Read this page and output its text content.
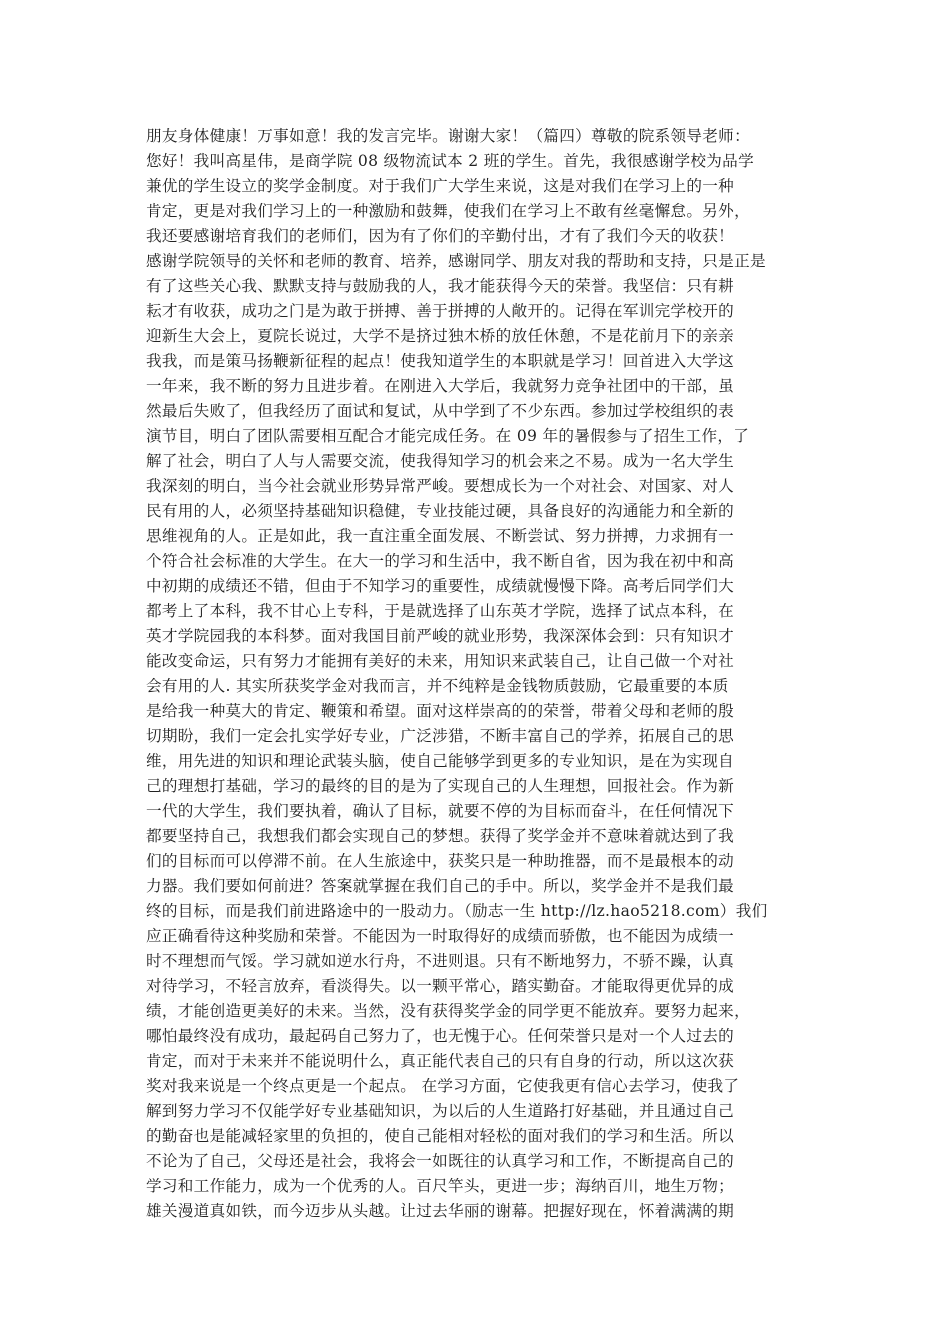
朋友身体健康！万事如意！我的发言完毕。谢谢大家！（篇四）尊敬的院系领导老师：
您好！我叫高星伟，是商学院 08 级物流试本 2 班的学生。首先，我很感谢学校为品学
兼优的学生设立的奖学金制度。对于我们广大学生来说，这是对我们在学习上的一种
肯定，更是对我们学习上的一种激励和鼓舞，使我们在学习上不敢有丝毫懈怠。另外，
我还要感谢培育我们的老师们，因为有了你们的辛勤付出，才有了我们今天的收获！
感谢学院领导的关怀和老师的教育、培养，感谢同学、朋友对我的帮助和支持，只是正是
有了这些关心我、默默支持与鼓励我的人，我才能获得今天的荣誉。我坚信：只有耕
耘才有收获，成功之门是为敢于拼搏、善于拼搏的人敞开的。记得在军训完学校开的
迎新生大会上，夏院长说过，大学不是挤过独木桥的放任休憩，不是花前月下的亲亲
我我，而是策马扬鞭新征程的起点！使我知道学生的本职就是学习！回首进入大学这
一年来，我不断的努力且进步着。在刚进入大学后，我就努力竞争社团中的干部，虽
然最后失败了，但我经历了面试和复试，从中学到了不少东西。参加过学校组织的表
演节目，明白了团队需要相互配合才能完成任务。在 09 年的暑假参与了招生工作，了
解了社会，明白了人与人需要交流，使我得知学习的机会来之不易。成为一名大学生
我深刻的明白，当今社会就业形势异常严峻。要想成长为一个对社会、对国家、对人
民有用的人，必须坚持基础知识稳健，专业技能过硬，具备良好的沟通能力和全新的
思维视角的人。正是如此，我一直注重全面发展、不断尝试、努力拼搏，力求拥有一
个符合社会标准的大学生。在大一的学习和生活中，我不断自省，因为我在初中和高
中初期的成绩还不错，但由于不知学习的重要性，成绩就慢慢下降。高考后同学们大
都考上了本科，我不甘心上专科，于是就选择了山东英才学院，选择了试点本科，在
英才学院园我的本科梦。面对我国目前严峻的就业形势，我深深体会到：只有知识才
能改变命运，只有努力才能拥有美好的未来，用知识来武装自己，让自己做一个对社
会有用的人. 其实所获奖学金对我而言，并不纯粹是金钱物质鼓励，它最重要的本质
是给我一种莫大的肯定、鞭策和希望。面对这样崇高的的荣誉，带着父母和老师的殷
切期盼，我们一定会扎实学好专业，广泛涉猎，不断丰富自己的学养，拓展自己的思
维，用先进的知识和理论武装头脑，使自己能够学到更多的专业知识，是在为实现自
己的理想打基础，学习的最终的目的是为了实现自己的人生理想，回报社会。作为新
一代的大学生，我们要执着，确认了目标，就要不停的为目标而奋斗，在任何情况下
都要坚持自己，我想我们都会实现自己的梦想。获得了奖学金并不意味着就达到了我
们的目标而可以停滞不前。在人生旅途中，获奖只是一种助推器，而不是最根本的动
力器。我们要如何前进？答案就掌握在我们自己的手中。所以，奖学金并不是我们最
终的目标，而是我们前进路途中的一股动力。（励志一生 http://lz.hao5218.com）我们
应正确看待这种奖励和荣誉。不能因为一时取得好的成绩而骄傲，也不能因为成绩一
时不理想而气馁。学习就如逆水行舟，不进则退。只有不断地努力，不骄不躁，认真
对待学习，不轻言放弃，看淡得失。以一颗平常心，踏实勤奋。才能取得更优异的成
绩，才能创造更美好的未来。当然，没有获得奖学金的同学更不能放弃。要努力起来，
哪怕最终没有成功，最起码自己努力了，也无愧于心。任何荣誉只是对一个人过去的
肯定，而对于未来并不能说明什么，真正能代表自己的只有自身的行动，所以这次获
奖对我来说是一个终点更是一个起点。 在学习方面，它使我更有信心去学习，使我了
解到努力学习不仅能学好专业基础知识，为以后的人生道路打好基础，并且通过自己
的勤奋也是能减轻家里的负担的，使自己能相对轻松的面对我们的学习和生活。所以
不论为了自己，父母还是社会，我将会一如既往的认真学习和工作，不断提高自己的
学习和工作能力，成为一个优秀的人。百尺竿头，更进一步；海纳百川，地生万物；
雄关漫道真如铁，而今迈步从头越。让过去华丽的谢幕。把握好现在，怀着满满的期
